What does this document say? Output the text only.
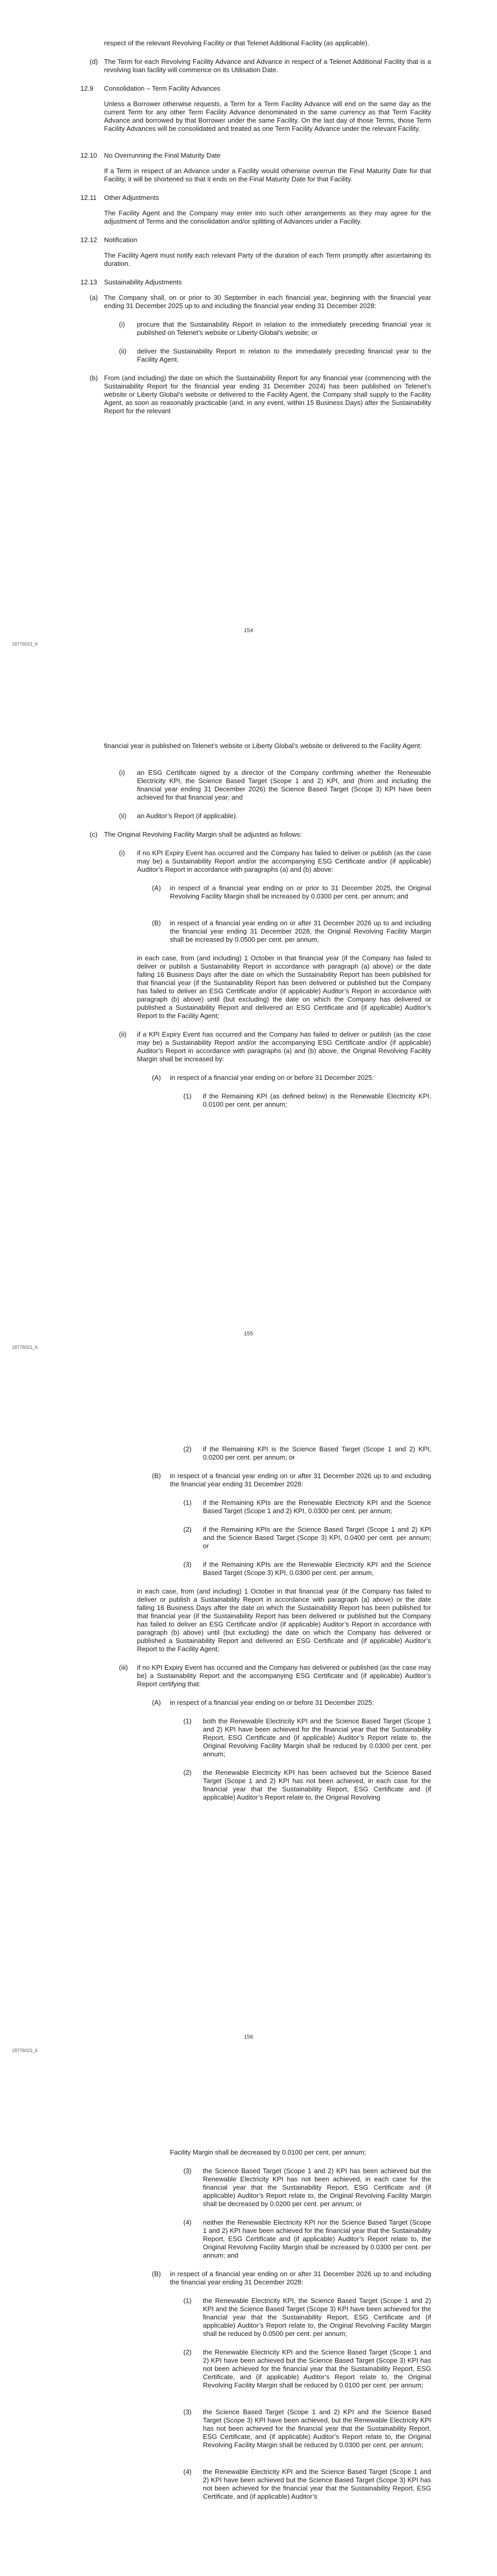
respect of the relevant Revolving Facility or that Telenet Additional Facility (as applicable).
(d) The Term for each Revolving Facility Advance and Advance in respect of a Telenet Additional Facility that is a revolving loan facility will commence on its Utilisation Date.
12.9 Consolidation – Term Facility Advances
Unless a Borrower otherwise requests, a Term for a Term Facility Advance will end on the same day as the current Term for any other Term Facility Advance denominated in the same currency as that Term Facility Advance and borrowed by that Borrower under the same Facility. On the last day of those Terms, those Term Facility Advances will be consolidated and treated as one Term Facility Advance under the relevant Facility.
12.10 No Overrunning the Final Maturity Date
If a Term in respect of an Advance under a Facility would otherwise overrun the Final Maturity Date for that Facility, it will be shortened so that it ends on the Final Maturity Date for that Facility.
12.11 Other Adjustments
The Facility Agent and the Company may enter into such other arrangements as they may agree for the adjustment of Terms and the consolidation and/or splitting of Advances under a Facility.
12.12 Notification
The Facility Agent must notify each relevant Party of the duration of each Term promptly after ascertaining its duration.
12.13 Sustainability Adjustments
(a) The Company shall, on or prior to 30 September in each financial year, beginning with the financial year ending 31 December 2025 up to and including the financial year ending 31 December 2028:
(i) procure that the Sustainability Report in relation to the immediately preceding financial year is published on Telenet’s website or Liberty Global’s website; or
(ii) deliver the Sustainability Report in relation to the immediately preceding financial year to the Facility Agent.
(b) From (and including) the date on which the Sustainability Report for any financial year (commencing with the Sustainability Report for the financial year ending 31 December 2024) has been published on Telenet’s website or Liberty Global’s website or delivered to the Facility Agent, the Company shall supply to the Facility Agent, as soon as reasonably practicable (and, in any event, within 15 Business Days) after the Sustainability Report for the relevant
154
18776021_6
financial year is published on Telenet’s website or Liberty Global’s website or delivered to the Facility Agent:
(i) an ESG Certificate signed by a director of the Company confirming whether the Renewable Electricity KPI, the Science Based Target (Scope 1 and 2) KPI, and (from and including the financial year ending 31 December 2026) the Science Based Target (Scope 3) KPI have been achieved for that financial year; and
(ii) an Auditor’s Report (if applicable).
(c) The Original Revolving Facility Margin shall be adjusted as follows:
(i) if no KPI Expiry Event has occurred and the Company has failed to deliver or publish (as the case may be) a Sustainability Report and/or the accompanying ESG Certificate and/or (if applicable) Auditor’s Report in accordance with paragraphs (a) and (b) above:
(A) in respect of a financial year ending on or prior to 31 December 2025, the Original Revolving Facility Margin shall be increased by 0.0300 per cent. per annum; and
(B) in respect of a financial year ending on or after 31 December 2026 up to and including the financial year ending 31 December 2028, the Original Revolving Facility Margin shall be increased by 0.0500 per cent. per annum,
in each case, from (and including) 1 October in that financial year (if the Company has failed to deliver or publish a Sustainability Report in accordance with paragraph (a) above) or the date falling 16 Business Days after the date on which the Sustainability Report has been published for that financial year (if the Sustainability Report has been delivered or published but the Company has failed to deliver an ESG Certificate and/or (if applicable) Auditor’s Report in accordance with paragraph (b) above) until (but excluding) the date on which the Company has delivered or published a Sustainability Report and delivered an ESG Certificate and (if applicable) Auditor’s Report to the Facility Agent;
(ii) if a KPI Expiry Event has occurred and the Company has failed to deliver or publish (as the case may be) a Sustainability Report and/or the accompanying ESG Certificate and/or (if applicable) Auditor’s Report in accordance with paragraphs (a) and (b) above, the Original Revolving Facility Margin shall be increased by:
(A) in respect of a financial year ending on or before 31 December 2025:
(1) if the Remaining KPI (as defined below) is the Renewable Electricity KPI, 0.0100 per cent. per annum;
155
18776021_6
(2) if the Remaining KPI is the Science Based Target (Scope 1 and 2) KPI, 0.0200 per cent. per annum; or
(B) in respect of a financial year ending on or after 31 December 2026 up to and including the financial year ending 31 December 2028:
(1) if the Remaining KPIs are the Renewable Electricity KPI and the Science Based Target (Scope 1 and 2) KPI, 0.0300 per cent. per annum;
(2) if the Remaining KPIs are the Science Based Target (Scope 1 and 2) KPI and the Science Based Target (Scope 3) KPI, 0.0400 per cent. per annum; or
(3) if the Remaining KPIs are the Renewable Electricity KPI and the Science Based Target (Scope 3) KPI, 0.0300 per cent. per annum,
in each case, from (and including) 1 October in that financial year (if the Company has failed to deliver or publish a Sustainability Report in accordance with paragraph (a) above) or the date falling 16 Business Days after the date on which the Sustainability Report has been published for that financial year (if the Sustainability Report has been delivered or published but the Company has failed to deliver an ESG Certificate and/or (if applicable) Auditor’s Report in accordance with paragraph (b) above) until (but excluding) the date on which the Company has delivered or published a Sustainability Report and delivered an ESG Certificate and (if applicable) Auditor’s Report to the Facility Agent;
(iii) if no KPI Expiry Event has occurred and the Company has delivered or published (as the case may be) a Sustainability Report and the accompanying ESG Certificate and (if applicable) Auditor’s Report certifying that:
(A) in respect of a financial year ending on or before 31 December 2025:
(1) both the Renewable Electricity KPI and the Science Based Target (Scope 1 and 2) KPI have been achieved for the financial year that the Sustainability Report, ESG Certificate and (if applicable) Auditor’s Report relate to, the Original Revolving Facility Margin shall be reduced by 0.0300 per cent. per annum;
(2) the Renewable Electricity KPI has been achieved but the Science Based Target (Scope 1 and 2) KPI has not been achieved, in each case for the financial year that the Sustainability Report, ESG Certificate and (if applicable) Auditor’s Report relate to, the Original Revolving
156
18776021_6
Facility Margin shall be decreased by 0.0100 per cent. per annum;
(3) the Science Based Target (Scope 1 and 2) KPI has been achieved but the Renewable Electricity KPI has not been achieved, in each case for the financial year that the Sustainability Report, ESG Certificate and (if applicable) Auditor’s Report relate to, the Original Revolving Facility Margin shall be decreased by 0.0200 per cent. per annum; or
(4) neither the Renewable Electricity KPI nor the Science Based Target (Scope 1 and 2) KPI have been achieved for the financial year that the Sustainability Report, ESG Certificate and (if applicable) Auditor’s Report relate to, the Original Revolving Facility Margin shall be increased by 0.0300 per cent. per annum; and
(B) in respect of a financial year ending on or after 31 December 2026 up to and including the financial year ending 31 December 2028:
(1) the Renewable Electricity KPI, the Science Based Target (Scope 1 and 2) KPI and the Science Based Target (Scope 3) KPI have been achieved for the financial year that the Sustainability Report, ESG Certificate and (if applicable) Auditor’s Report relate to, the Original Revolving Facility Margin shall be reduced by 0.0500 per cent. per annum;
(2) the Renewable Electricity KPI and the Science Based Target (Scope 1 and 2) KPI have been achieved but the Science Based Target (Scope 3) KPI has not been achieved for the financial year that the Sustainability Report, ESG Certificate, and (if applicable) Auditor’s Report relate to, the Original Revolving Facility Margin shall be reduced by 0.0100 per cent. per annum;
(3) the Science Based Target (Scope 1 and 2) KPI and the Science Based Target (Scope 3) KPI have been achieved, but the Renewable Electricity KPI has not been achieved for the financial year that the Sustainability Report, ESG Certificate, and (if applicable) Auditor’s Report relate to, the Original Revolving Facility Margin shall be reduced by 0.0300 per cent. per annum;
(4) the Renewable Electricity KPI and the Science Based Target (Scope 1 and 2) KPI have been achieved but the Science Based Target (Scope 3) KPI has not been achieved for the financial year that the Sustainability Report, ESG Certificate, and (if applicable) Auditor’s
